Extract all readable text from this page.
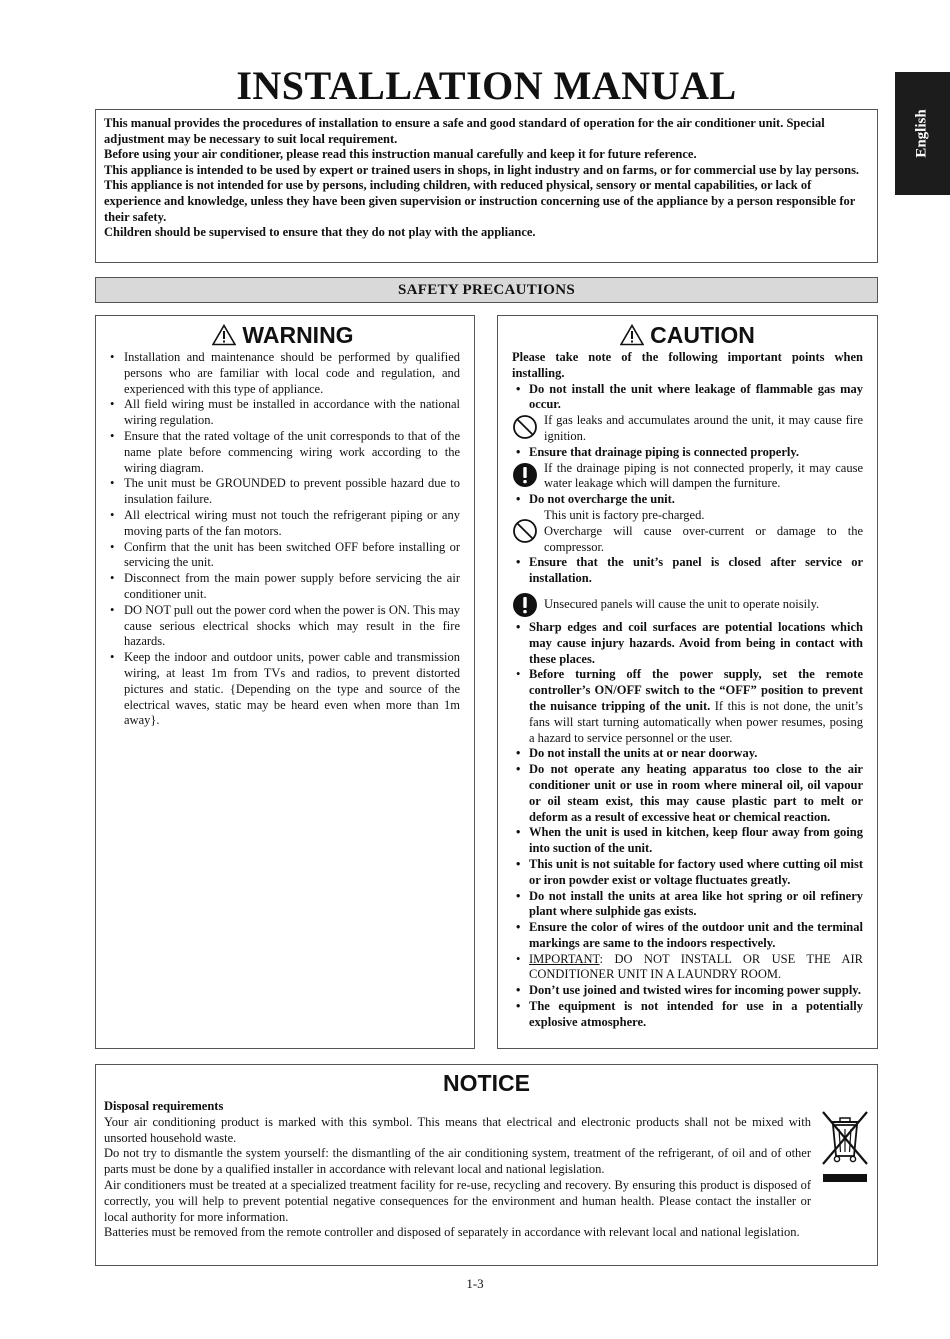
INSTALLATION MANUAL
English

This manual provides the procedures of installation to ensure a safe and good standard of operation for the air conditioner unit. Special adjustment may be necessary to suit local requirement.

Before using your air conditioner, please read this instruction manual carefully and keep it for future reference.

This appliance is intended to be used by expert or trained users in shops, in light industry and on farms, or for commercial use by lay persons.

This appliance is not intended for use by persons, including children, with reduced physical, sensory or mental capabilities, or lack of experience and knowledge, unless they have been given supervision or instruction concerning use of the appliance by a person responsible for their safety.

Children should be supervised to ensure that they do not play with the appliance.

SAFETY PRECAUTIONS
WARNING
• Installation and maintenance should be performed by qualified persons who are familiar with local code and regulation, and experienced with this type of appliance.
• All field wiring must be installed in accordance with the national wiring regulation.
• Ensure that the rated voltage of the unit corresponds to that of the name plate before commencing wiring work according to the wiring diagram.
• The unit must be GROUNDED to prevent possible hazard due to insulation failure.
• All electrical wiring must not touch the refrigerant piping or any moving parts of the fan motors.
• Confirm that the unit has been switched OFF before installing or servicing the unit.
• Disconnect from the main power supply before servicing the air conditioner unit.
• DO NOT pull out the power cord when the power is ON. This may cause serious electrical shocks which may result in the fire hazards.
• Keep the indoor and outdoor units, power cable and transmission wiring, at least 1m from TVs and radios, to prevent distorted pictures and static. {Depending on the type and source of the electrical waves, static may be heard even when more than 1m away}.
CAUTION

Please take note of the following important points when installing.

• Do not install the unit where leakage of flammable gas may occur.
If gas leaks and accumulates around the unit, it may cause fire ignition.
• Ensure that drainage piping is connected properly.
If the drainage piping is not connected properly, it may cause water leakage which will dampen the furniture.
• Do not overcharge the unit.
This unit is factory pre-charged.
Overcharge will cause over-current or damage to the compressor.
• Ensure that the unit’s panel is closed after service or installation.
Unsecured panels will cause the unit to operate noisily.
• Sharp edges and coil surfaces are potential locations which may cause injury hazards. Avoid from being in contact with these places.
• Before turning off the power supply, set the remote controller’s ON/OFF switch to the “OFF” position to prevent the nuisance tripping of the unit. If this is not done, the unit’s fans will start turning automatically when power resumes, posing a hazard to service personnel or the user.
• Do not install the units at or near doorway.
• Do not operate any heating apparatus too close to the air conditioner unit or use in room where mineral oil, oil vapour or oil steam exist, this may cause plastic part to melt or deform as a result of excessive heat or chemical reaction.
• When the unit is used in kitchen, keep flour away from going into suction of the unit.
• This unit is not suitable for factory used where cutting oil mist or iron powder exist or voltage fluctuates greatly.
• Do not install the units at area like hot spring or oil refinery plant where sulphide gas exists.
• Ensure the color of wires of the outdoor unit and the terminal markings are same to the indoors respectively.
• IMPORTANT: DO NOT INSTALL OR USE THE AIR CONDITIONER UNIT IN A LAUNDRY ROOM.
• Don’t use joined and twisted wires for incoming power supply.
• The equipment is not intended for use in a potentially explosive atmosphere.

NOTICE

Disposal requirements

Your air conditioning product is marked with this symbol. This means that electrical and electronic products shall not be mixed with unsorted household waste.

Do not try to dismantle the system yourself: the dismantling of the air conditioning system, treatment of the refrigerant, of oil and of other parts must be done by a qualified installer in accordance with relevant local and national legislation.

Air conditioners must be treated at a specialized treatment facility for re-use, recycling and recovery. By ensuring this product is disposed of correctly, you will help to prevent potential negative consequences for the environment and human health. Please contact the installer or local authority for more information.

Batteries must be removed from the remote controller and disposed of separately in accordance with relevant local and national legislation.

1-3
